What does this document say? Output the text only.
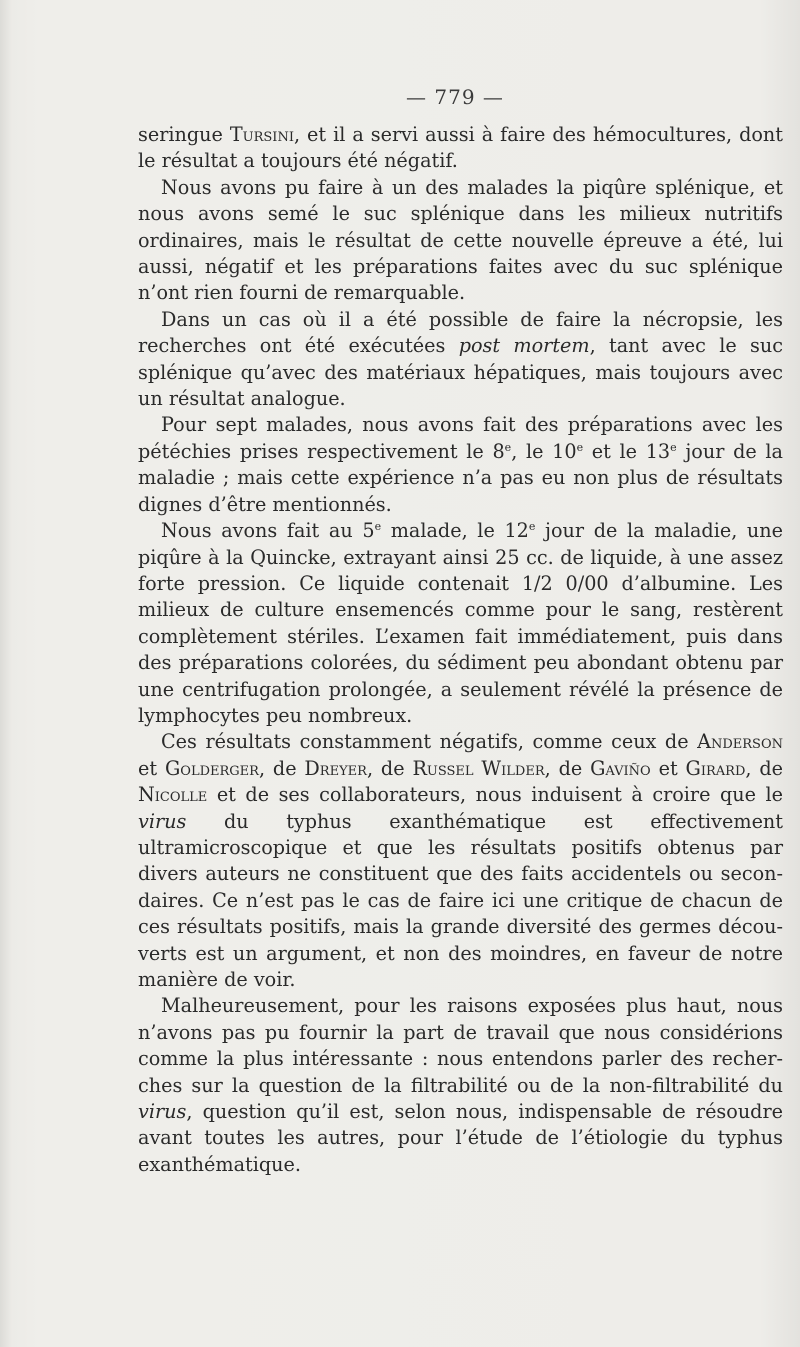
— 779 —

seringue Tursini, et il a servi aussi à faire des hémocultures, dont le résultat a toujours été négatif.

Nous avons pu faire à un des malades la piqûre splénique, et nous avons semé le suc splénique dans les milieux nutritifs ordinaires, mais le résultat de cette nouvelle épreuve a été, lui aussi, négatif et les préparations faites avec du suc splénique n’ont rien fourni de remarquable.

Dans un cas où il a été possible de faire la nécropsie, les recherches ont été exécutées post mortem, tant avec le suc splénique qu’avec des matériaux hépatiques, mais toujours avec un résultat analogue.

Pour sept malades, nous avons fait des préparations avec les pétéchies prises respectivement le 8e, le 10e et le 13e jour de la maladie ; mais cette expérience n’a pas eu non plus de résultats dignes d’être mentionnés.

Nous avons fait au 5e malade, le 12e jour de la maladie, une piqûre à la Quincke, extrayant ainsi 25 cc. de liquide, à une assez forte pression. Ce liquide contenait 1/2 0/00 d’albumine. Les milieux de culture ensemencés comme pour le sang, restèrent complètement stériles. L’examen fait immédiatement, puis dans des préparations colorées, du sédiment peu abondant obtenu par une centrifugation prolongée, a seulement révélé la présence de lymphocytes peu nombreux.

Ces résultats constamment négatifs, comme ceux de Anderson et Golderger, de Dreyer, de Russel Wilder, de Gaviño et Girard, de Nicolle et de ses collaborateurs, nous induisent à croire que le virus du typhus exanthématique est effectivement ultramicroscopique et que les résultats positifs obtenus par divers auteurs ne constituent que des faits accidentels ou secondaires. Ce n’est pas le cas de faire ici une critique de chacun de ces résultats positifs, mais la grande diversité des germes découverts est un argument, et non des moindres, en faveur de notre manière de voir.

Malheureusement, pour les raisons exposées plus haut, nous n’avons pas pu fournir la part de travail que nous considérions comme la plus intéressante : nous entendons parler des recherches sur la question de la filtrabilité ou de la non-filtrabilité du virus, question qu’il est, selon nous, indispensable de résoudre avant toutes les autres, pour l’étude de l’étiologie du typhus exanthématique.
